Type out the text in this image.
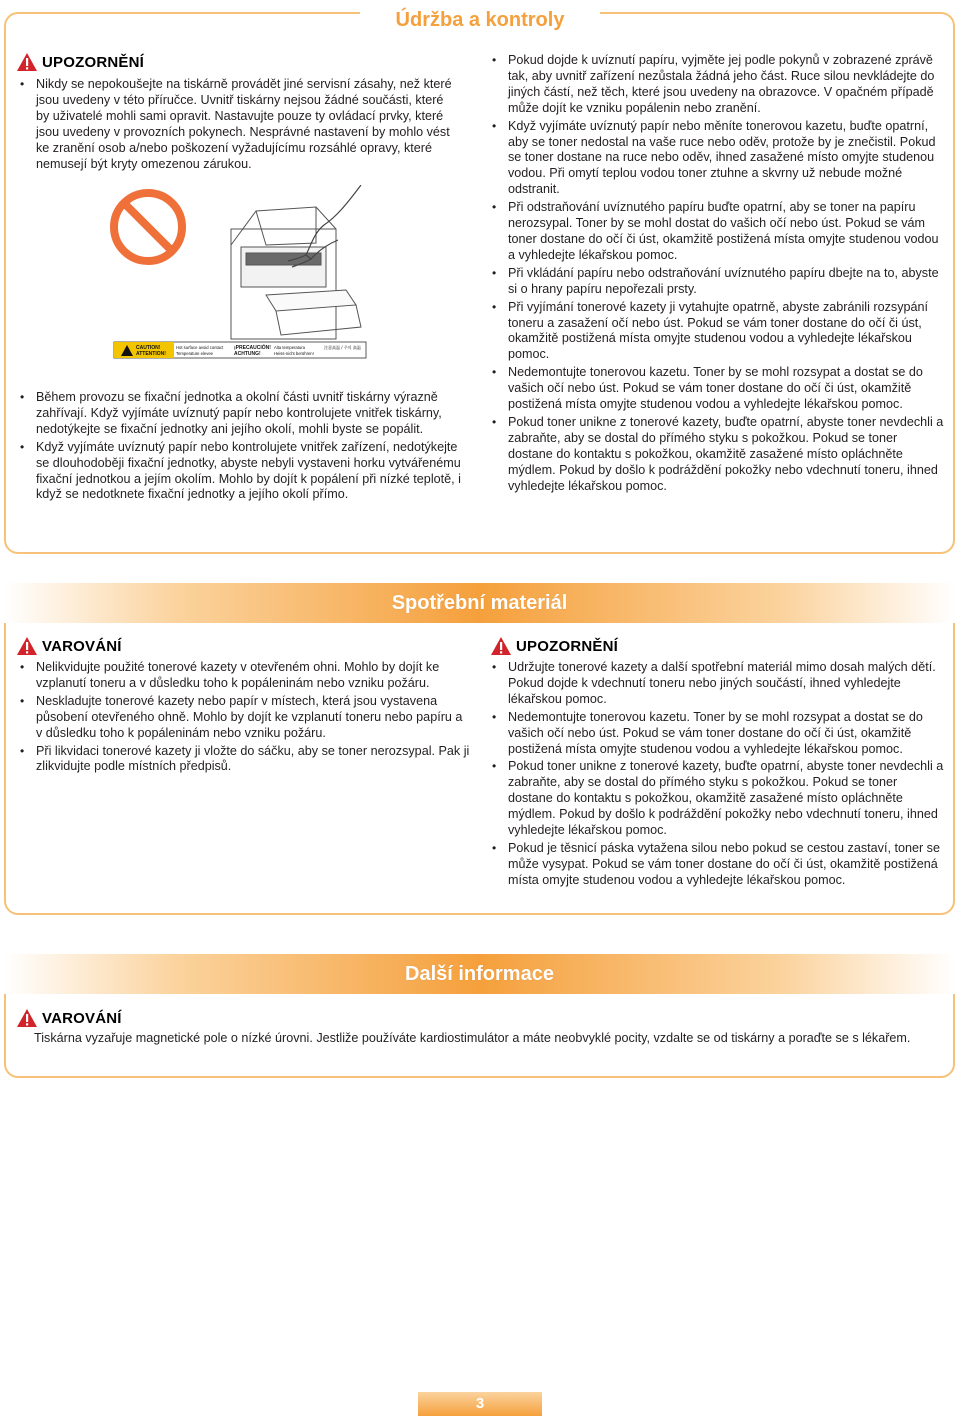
Údržba a kontroly
UPOZORNĚNÍ
• Nikdy se nepokoušejte na tiskárně provádět jiné servisní zásahy, než které jsou uvedeny v této příručce. Uvnitř tiskárny nejsou žádné součásti, které by uživatelé mohli sami opravit. Nastavujte pouze ty ovládací prvky, které jsou uvedeny v provozních pokynech. Nesprávné nastavení by mohlo vést ke zranění osob a/nebo poškození vyžadujícímu rozsáhlé opravy, které nemusejí být kryty omezenou zárukou.
CAUTION!
ATTENTION!
Hot surface avoid contact
Temperature elevee
¡PRECAUCIÓN!
ACHTUNG!
Alta temperatura
Heiss-nicht berühren!
注意高温 / 주의 高温
• Během provozu se fixační jednotka a okolní části uvnitř tiskárny výrazně zahřívají. Když vyjímáte uvíznutý papír nebo kontrolujete vnitřek tiskárny, nedotýkejte se fixační jednotky ani jejího okolí, mohli byste se popálit.
• Když vyjímáte uvíznutý papír nebo kontrolujete vnitřek zařízení, nedotýkejte se dlouhodoběji fixační jednotky, abyste nebyli vystaveni horku vytvářenému fixační jednotkou a jejím okolím. Mohlo by dojít k popálení při nízké teplotě, i když se nedotknete fixační jednotky a jejího okolí přímo.
• Pokud dojde k uvíznutí papíru, vyjměte jej podle pokynů v zobrazené zprávě tak, aby uvnitř zařízení nezůstala žádná jeho část. Ruce silou nevkládejte do jiných částí, než těch, které jsou uvedeny na obrazovce. V opačném případě může dojít ke vzniku popálenin nebo zranění.
• Když vyjímáte uvíznutý papír nebo měníte tonerovou kazetu, buďte opatrní, aby se toner nedostal na vaše ruce nebo oděv, protože by je znečistil. Pokud se toner dostane na ruce nebo oděv, ihned zasažené místo omyjte studenou vodou. Při omytí teplou vodou toner ztuhne a skvrny už nebude možné odstranit.
• Při odstraňování uvíznutého papíru buďte opatrní, aby se toner na papíru nerozsypal. Toner by se mohl dostat do vašich očí nebo úst. Pokud se vám toner dostane do očí či úst, okamžitě postižená místa omyjte studenou vodou a vyhledejte lékařskou pomoc.
• Při vkládání papíru nebo odstraňování uvíznutého papíru dbejte na to, abyste si o hrany papíru nepořezali prsty.
• Při vyjímání tonerové kazety ji vytahujte opatrně, abyste zabránili rozsypání toneru a zasažení očí nebo úst. Pokud se vám toner dostane do očí či úst, okamžitě postižená místa omyjte studenou vodou a vyhledejte lékařskou pomoc.
• Nedemontujte tonerovou kazetu. Toner by se mohl rozsypat a dostat se do vašich očí nebo úst. Pokud se vám toner dostane do očí či úst, okamžitě postižená místa omyjte studenou vodou a vyhledejte lékařskou pomoc.
• Pokud toner unikne z tonerové kazety, buďte opatrní, abyste toner nevdechli a zabraňte, aby se dostal do přímého styku s pokožkou. Pokud se toner dostane do kontaktu s pokožkou, okamžitě zasažené místo opláchněte mýdlem. Pokud by došlo k podráždění pokožky nebo vdechnutí toneru, ihned vyhledejte lékařskou pomoc.
Spotřební materiál
VAROVÁNÍ
• Nelikvidujte použité tonerové kazety v otevřeném ohni. Mohlo by dojít ke vzplanutí toneru a v důsledku toho k popáleninám nebo vzniku požáru.
• Neskladujte tonerové kazety nebo papír v místech, která jsou vystavena působení otevřeného ohně. Mohlo by dojít ke vzplanutí toneru nebo papíru a v důsledku toho k popáleninám nebo vzniku požáru.
• Při likvidaci tonerové kazety ji vložte do sáčku, aby se toner nerozsypal. Pak ji zlikvidujte podle místních předpisů.
UPOZORNĚNÍ
• Udržujte tonerové kazety a další spotřební materiál mimo dosah malých dětí. Pokud dojde k vdechnutí toneru nebo jiných součástí, ihned vyhledejte lékařskou pomoc.
• Nedemontujte tonerovou kazetu. Toner by se mohl rozsypat a dostat se do vašich očí nebo úst. Pokud se vám toner dostane do očí či úst, okamžitě postižená místa omyjte studenou vodou a vyhledejte lékařskou pomoc.
• Pokud toner unikne z tonerové kazety, buďte opatrní, abyste toner nevdechli a zabraňte, aby se dostal do přímého styku s pokožkou. Pokud se toner dostane do kontaktu s pokožkou, okamžitě zasažené místo opláchněte mýdlem. Pokud by došlo k podráždění pokožky nebo vdechnutí toneru, ihned vyhledejte lékařskou pomoc.
• Pokud je těsnicí páska vytažena silou nebo pokud se cestou zastaví, toner se může vysypat. Pokud se vám toner dostane do očí či úst, okamžitě postižená místa omyjte studenou vodou a vyhledejte lékařskou pomoc.
Další informace
VAROVÁNÍ
Tiskárna vyzařuje magnetické pole o nízké úrovni. Jestliže používáte kardiostimulátor a máte neobvyklé pocity, vzdalte se od tiskárny a poraďte se s lékařem.
3
